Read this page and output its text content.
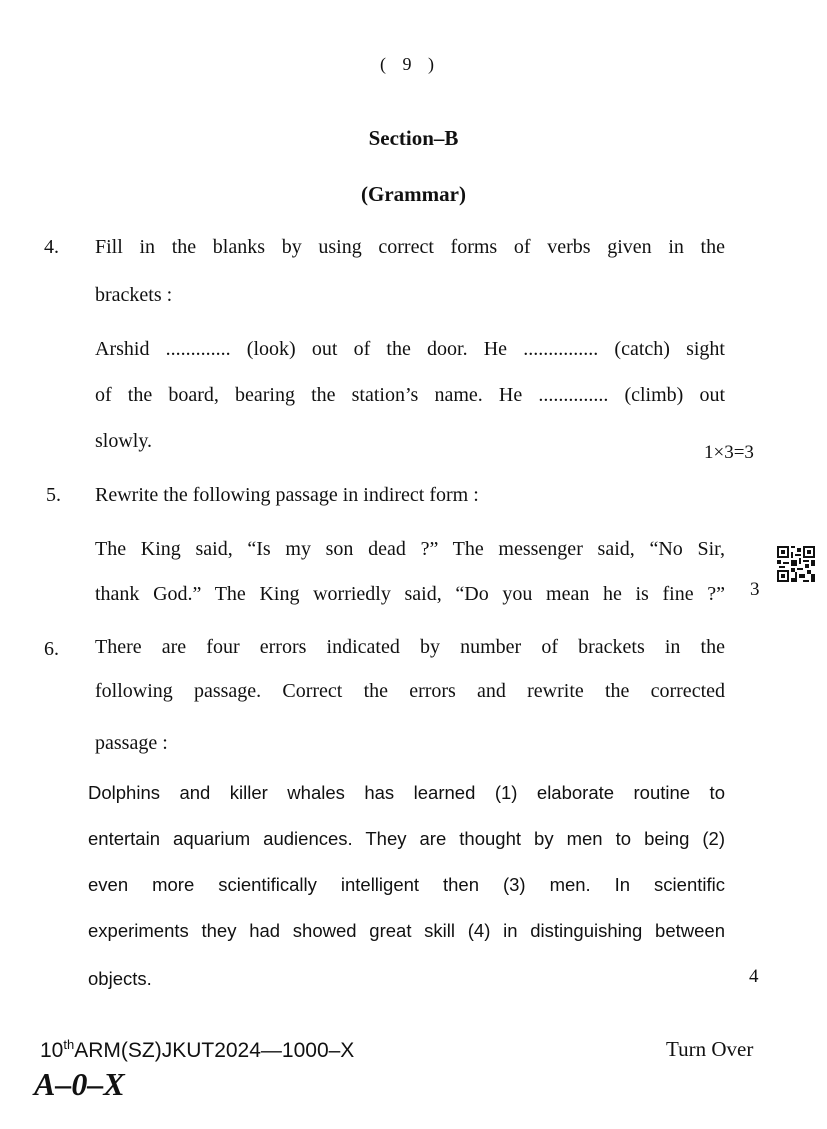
( 9 )
Section–B
(Grammar)
4. Fill in the blanks by using correct forms of verbs given in the
brackets :
Arshid ............. (look) out of the door. He ............... (catch) sight
of the board, bearing the station’s name. He .............. (climb) out
slowly.
1×3=3
5. Rewrite the following passage in indirect form :
The King said, “Is my son dead ?” The messenger said, “No Sir,
thank God.” The King worriedly said, “Do you mean he is fine ?” 3
6. There are four errors indicated by number of brackets in the
following passage. Correct the errors and rewrite the corrected
passage :
Dolphins and killer whales has learned (1) elaborate routine to
entertain aquarium audiences. They are thought by men to being (2)
even more scientifically intelligent then (3) men. In scientific
experiments they had showed great skill (4) in distinguishing between
objects.	4
10thARM(SZ)JKUT2024—1000–X	Turn Over
A–0–X
